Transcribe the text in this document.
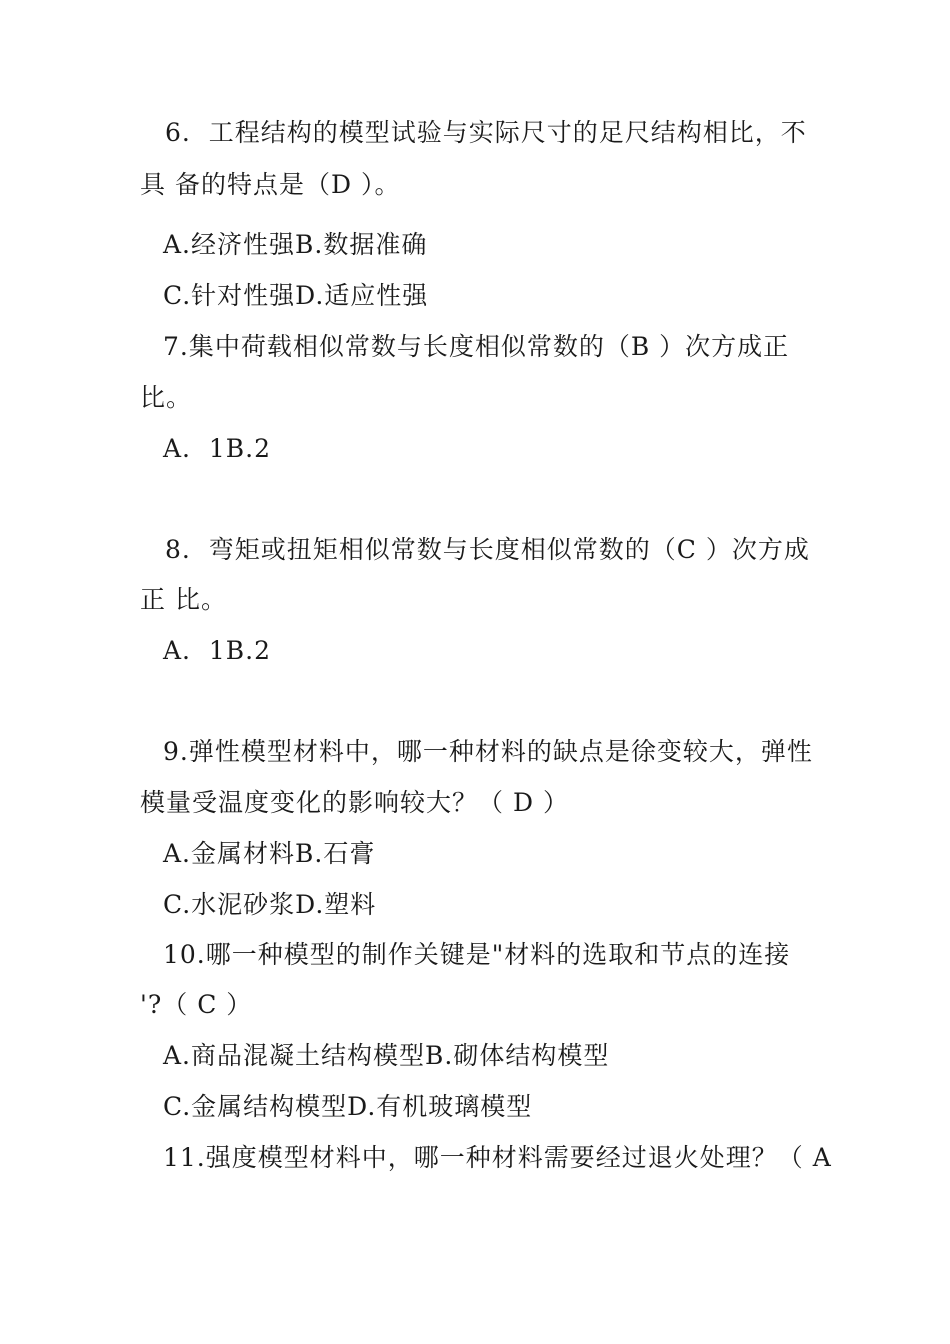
6.  工程结构的模型试验与实际尺寸的足尺结构相比，不
具 备的特点是（D ）。
A.经济性强B.数据准确
C.针对性强D.适应性强
7.集中荷载相似常数与长度相似常数的（B ）次方成正
比。
A.  1B.2
8.  弯矩或扭矩相似常数与长度相似常数的（C ）次方成
正 比。
A.  1B.2
9.弹性模型材料中，哪一种材料的缺点是徐变较大，弹性
模量受温度变化的影响较大？（ D ）
A.金属材料B.石膏
C.水泥砂浆D.塑料
10.哪一种模型的制作关键是"材料的选取和节点的连接
'?（ C ）
A.商品混凝土结构模型B.砌体结构模型
C.金属结构模型D.有机玻璃模型
11.强度模型材料中，哪一种材料需要经过退火处理？（ A
